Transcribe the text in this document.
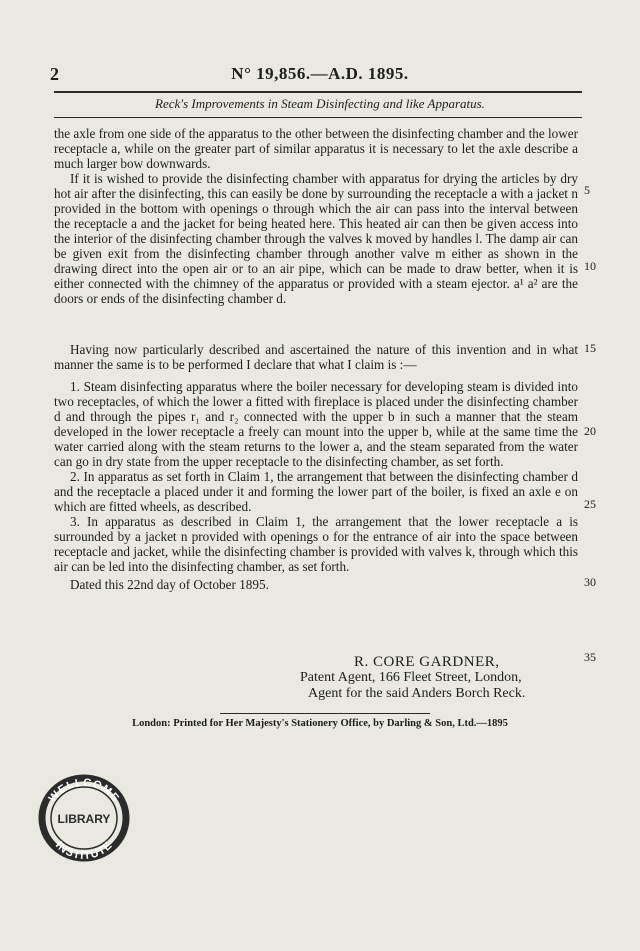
2	N° 19,856.—A.D. 1895.
Reck's Improvements in Steam Disinfecting and like Apparatus.

the axle from one side of the apparatus to the other between the disinfecting chamber and the lower receptacle a, while on the greater part of similar apparatus it is necessary to let the axle describe a much larger bow downwards.

If it is wished to provide the disinfecting chamber with apparatus for drying the articles by dry hot air after the disinfecting, this can easily be done by surrounding the receptacle a with a jacket n provided in the bottom with openings o through which the air can pass into the interval between the receptacle a and the jacket for being heated here. This heated air can then be given access into the interior of the disinfecting chamber through the valves k moved by handles l. The damp air can be given exit from the disinfecting chamber through another valve m either as shown in the drawing direct into the open air or to an air pipe, which can be made to draw better, when it is either connected with the chimney of the apparatus or provided with a steam ejector. a¹ a² are the doors or ends of the disinfecting chamber d.

Having now particularly described and ascertained the nature of this invention and in what manner the same is to be performed I declare that what I claim is :—

1. Steam disinfecting apparatus where the boiler necessary for developing steam is divided into two receptacles, of which the lower a fitted with fireplace is placed under the disinfecting chamber d and through the pipes r₁ and r₂ connected with the upper b in such a manner that the steam developed in the lower receptacle a freely can mount into the upper b, while at the same time the water carried along with the steam returns to the lower a, and the steam separated from the water can go in dry state from the upper receptacle to the disinfecting chamber, as set forth.

2. In apparatus as set forth in Claim 1, the arrangement that between the disinfecting chamber d and the receptacle a placed under it and forming the lower part of the boiler, is fixed an axle e on which are fitted wheels, as described.

3. In apparatus as described in Claim 1, the arrangement that the lower receptacle a is surrounded by a jacket n provided with openings o for the entrance of air into the space between receptacle and jacket, while the disinfecting chamber is provided with valves k, through which this air can be led into the disinfecting chamber, as set forth.

Dated this 22nd day of October 1895.

5
10
15
20
25
30
35
R. CORE GARDNER,
Patent Agent, 166 Fleet Street, London,
Agent for the said Anders Borch Reck.
London: Printed for Her Majesty's Stationery Office, by Darling & Son, Ltd.—1895
WELLCOME
INSTITUTE
LIBRARY
